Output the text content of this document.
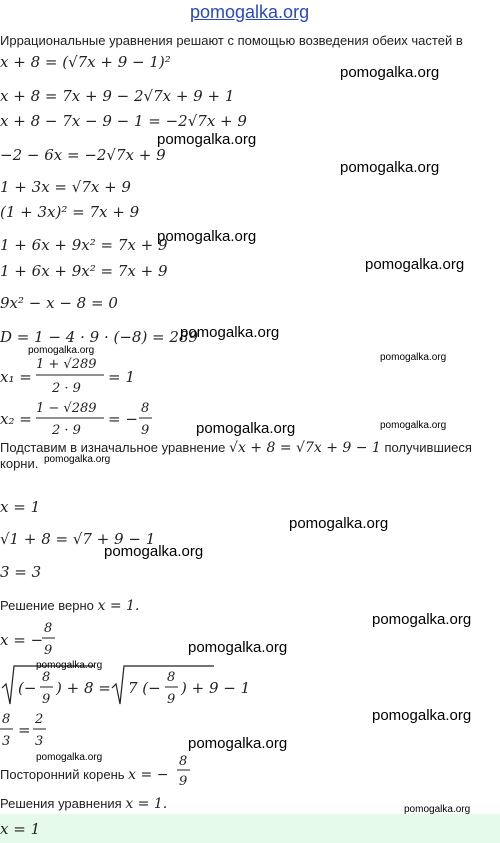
pomogalka.org
Иррациональные уравнения решают с помощью возведения обеих частей в
x + 8 = (√7x + 9 − 1)²
x + 8 = 7x + 9 − 2√7x + 9 + 1
x + 8 − 7x − 9 − 1 = −2√7x + 9
−2 − 6x = −2√7x + 9
1 + 3x = √7x + 9
(1 + 3x)² = 7x + 9
1 + 6x + 9x² = 7x + 9
1 + 6x + 9x² = 7x + 9
9x² − x − 8 = 0
D = 1 − 4 · 9 · (−8) = 289
x₁ =
1 + √289
2 · 9
= 1
x₂ =
1 − √289
2 · 9
= −
8
9
x = −
8
9
(−
8
9
) + 8 = 7 (−
8
9
) + 9 − 1
8
3
=
2
3
8
9
Подставим в изначальное уравнение √x + 8 = √7x + 9 − 1 получившиеся
корни.
x = 1
√1 + 8 = √7 + 9 − 1
3 = 3
Решение верно x = 1.
Посторонний корень x = −
Решения уравнения x = 1.
x = 1
pomogalka.org
pomogalka.org
pomogalka.org
pomogalka.org
pomogalka.org
pomogalka.org
pomogalka.org
pomogalka.org
pomogalka.org	pomogalka.org
pomogalka.org
pomogalka.org
pomogalka.org
pomogalka.org
pomogalka.org
pomogalka.org
pomogalka.org
pomogalka.org
pomogalka.org
pomogalka.org
